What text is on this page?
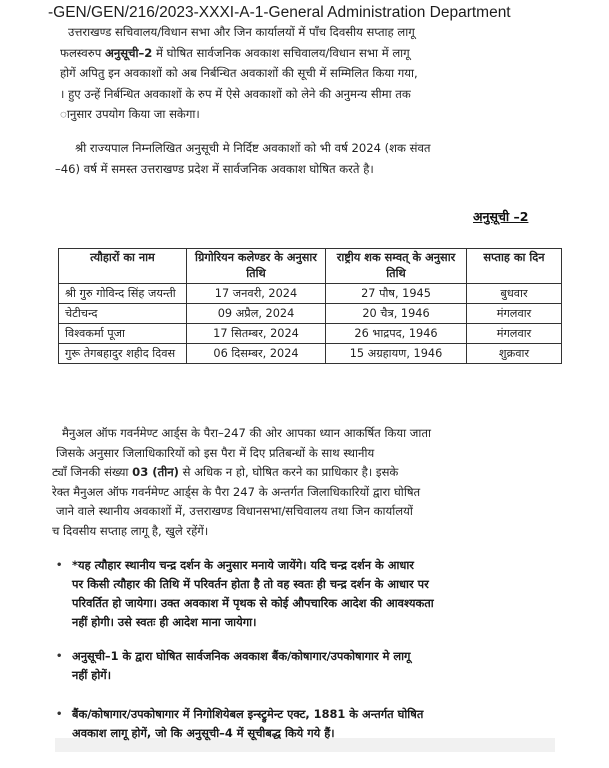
-GEN/GEN/216/2023-XXXI-A-1-General Administration Department
उत्तराखण्ड सचिवालय/विधान सभा और जिन कार्यालयों में पाँच दिवसीय सप्ताह लागू
फलस्वरुप अनुसूची–2 में घोषित सार्वजनिक अवकाश सचिवालय/विधान सभा में लागू
होगें अपितु इन अवकाशों को अब निर्बन्धित अवकाशों की सूची में सम्मिलित किया गया,
। हुए उन्हें निर्बन्धित अवकाशों के रुप में ऐसे अवकाशों को लेने की अनुमन्य सीमा तक
ानुसार उपयोग किया जा सकेगा।
श्री राज्यपाल निम्नलिखित अनुसूची मे निर्दिष्ट अवकाशों को भी वर्ष 2024 (शक संवत
–46) वर्ष में समस्त उत्तराखण्ड प्रदेश में सार्वजनिक अवकाश घोषित करते है।
अनुसूची –2
त्यौहारों का नाम	ग्रिगोरियन कलेण्डर के अनुसार तिथि	राष्ट्रीय शक सम्वत् के अनुसार तिथि	सप्ताह का दिन
श्री गुरु गोविन्द सिंह जयन्ती	17 जनवरी, 2024	27 पौष, 1945	बुधवार
चेटीचन्द	09 अप्रैल, 2024	20 चैत्र, 1946	मंगलवार
विश्वकर्मा पूजा	17 सितम्बर, 2024	26 भाद्रपद, 1946	मंगलवार
गुरू तेगबहादुर शहीद दिवस	06 दिसम्बर, 2024	15 अग्रहायण, 1946	शुक्रवार
मैनुअल ऑफ गवर्नमेण्ट आर्ड्स के पैरा–247 की ओर आपका ध्यान आकर्षित किया जाता
जिसके अनुसार जिलाधिकारियों को इस पैरा में दिए प्रतिबन्धों के साथ स्थानीय
ट्याँ जिनकी संख्या 03 (तीन) से अधिक न हो, घोषित करने का प्राधिकार है। इसके
रेक्त मैनुअल ऑफ गवर्नमेण्ट आर्ड्स के पैरा 247 के अन्तर्गत जिलाधिकारियों द्वारा घोषित
जाने वाले स्थानीय अवकाशों में, उत्तराखण्ड विधानसभा/सचिवालय तथा जिन कार्यालयों
च दिवसीय सप्ताह लागू है, खुले रहेंगें।
• *यह त्यौहार स्थानीय चन्द्र दर्शन के अनुसार मनाये जायेंगे। यदि चन्द्र दर्शन के आधार
पर किसी त्यौहार की तिथि में परिवर्तन होता है तो वह स्वतः ही चन्द्र दर्शन के आधार पर
परिवर्तित हो जायेगा। उक्त अवकाश में पृथक से कोई औपचारिक आदेश की आवश्यकता
नहीं होगी। उसे स्वतः ही आदेश माना जायेगा।
• अनुसूची–1 के द्वारा घोषित सार्वजनिक अवकाश बैंक/कोषागार/उपकोषागार मे लागू
नहीं होगें।
• बैंक/कोषागार/उपकोषागार में निगोशियेबल इन्स्ट्रुमेन्ट एक्ट, 1881 के अन्तर्गत घोषित
अवकाश लागू होगें, जो कि अनुसूची–4 में सूचीबद्ध किये गये हैं।
